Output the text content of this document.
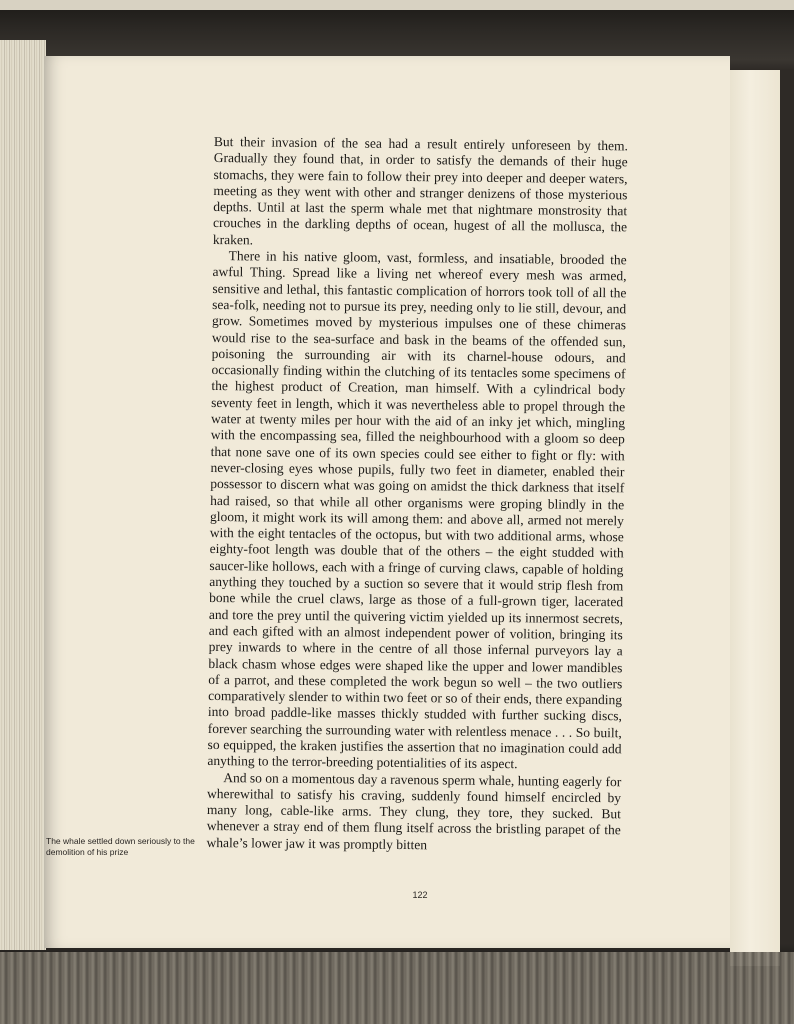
But their invasion of the sea had a result entirely unforeseen by them. Gradually they found that, in order to satisfy the demands of their huge stomachs, they were fain to follow their prey into deeper and deeper waters, meeting as they went with other and stranger denizens of those mysterious depths. Until at last the sperm whale met that nightmare monstrosity that crouches in the darkling depths of ocean, hugest of all the mollusca, the kraken.

There in his native gloom, vast, formless, and insatiable, brooded the awful Thing. Spread like a living net whereof every mesh was armed, sensitive and lethal, this fantastic complication of horrors took toll of all the sea-folk, needing not to pursue its prey, needing only to lie still, devour, and grow. Sometimes moved by mysterious impulses one of these chimeras would rise to the sea-surface and bask in the beams of the offended sun, poisoning the surrounding air with its charnel-house odours, and occasionally finding within the clutching of its tentacles some specimens of the highest product of Creation, man himself. With a cylindrical body seventy feet in length, which it was nevertheless able to propel through the water at twenty miles per hour with the aid of an inky jet which, mingling with the encompassing sea, filled the neighbourhood with a gloom so deep that none save one of its own species could see either to fight or fly: with never-closing eyes whose pupils, fully two feet in diameter, enabled their possessor to discern what was going on amidst the thick darkness that itself had raised, so that while all other organisms were groping blindly in the gloom, it might work its will among them: and above all, armed not merely with the eight tentacles of the octopus, but with two additional arms, whose eighty-foot length was double that of the others – the eight studded with saucer-like hollows, each with a fringe of curving claws, capable of holding anything they touched by a suction so severe that it would strip flesh from bone while the cruel claws, large as those of a full-grown tiger, lacerated and tore the prey until the quivering victim yielded up its innermost secrets, and each gifted with an almost independent power of volition, bringing its prey inwards to where in the centre of all those infernal purveyors lay a black chasm whose edges were shaped like the upper and lower mandibles of a parrot, and these completed the work begun so well – the two outliers comparatively slender to within two feet or so of their ends, there expanding into broad paddle-like masses thickly studded with further sucking discs, forever searching the surrounding water with relentless menace . . . So built, so equipped, the kraken justifies the assertion that no imagination could add anything to the terror-breeding potentialities of its aspect.

And so on a momentous day a ravenous sperm whale, hunting eagerly for wherewithal to satisfy his craving, suddenly found himself encircled by many long, cable-like arms. They clung, they tore, they sucked. But whenever a stray end of them flung itself across the bristling parapet of the whale’s lower jaw it was promptly bitten

The whale settled down seriously to the demolition of his prize
122
